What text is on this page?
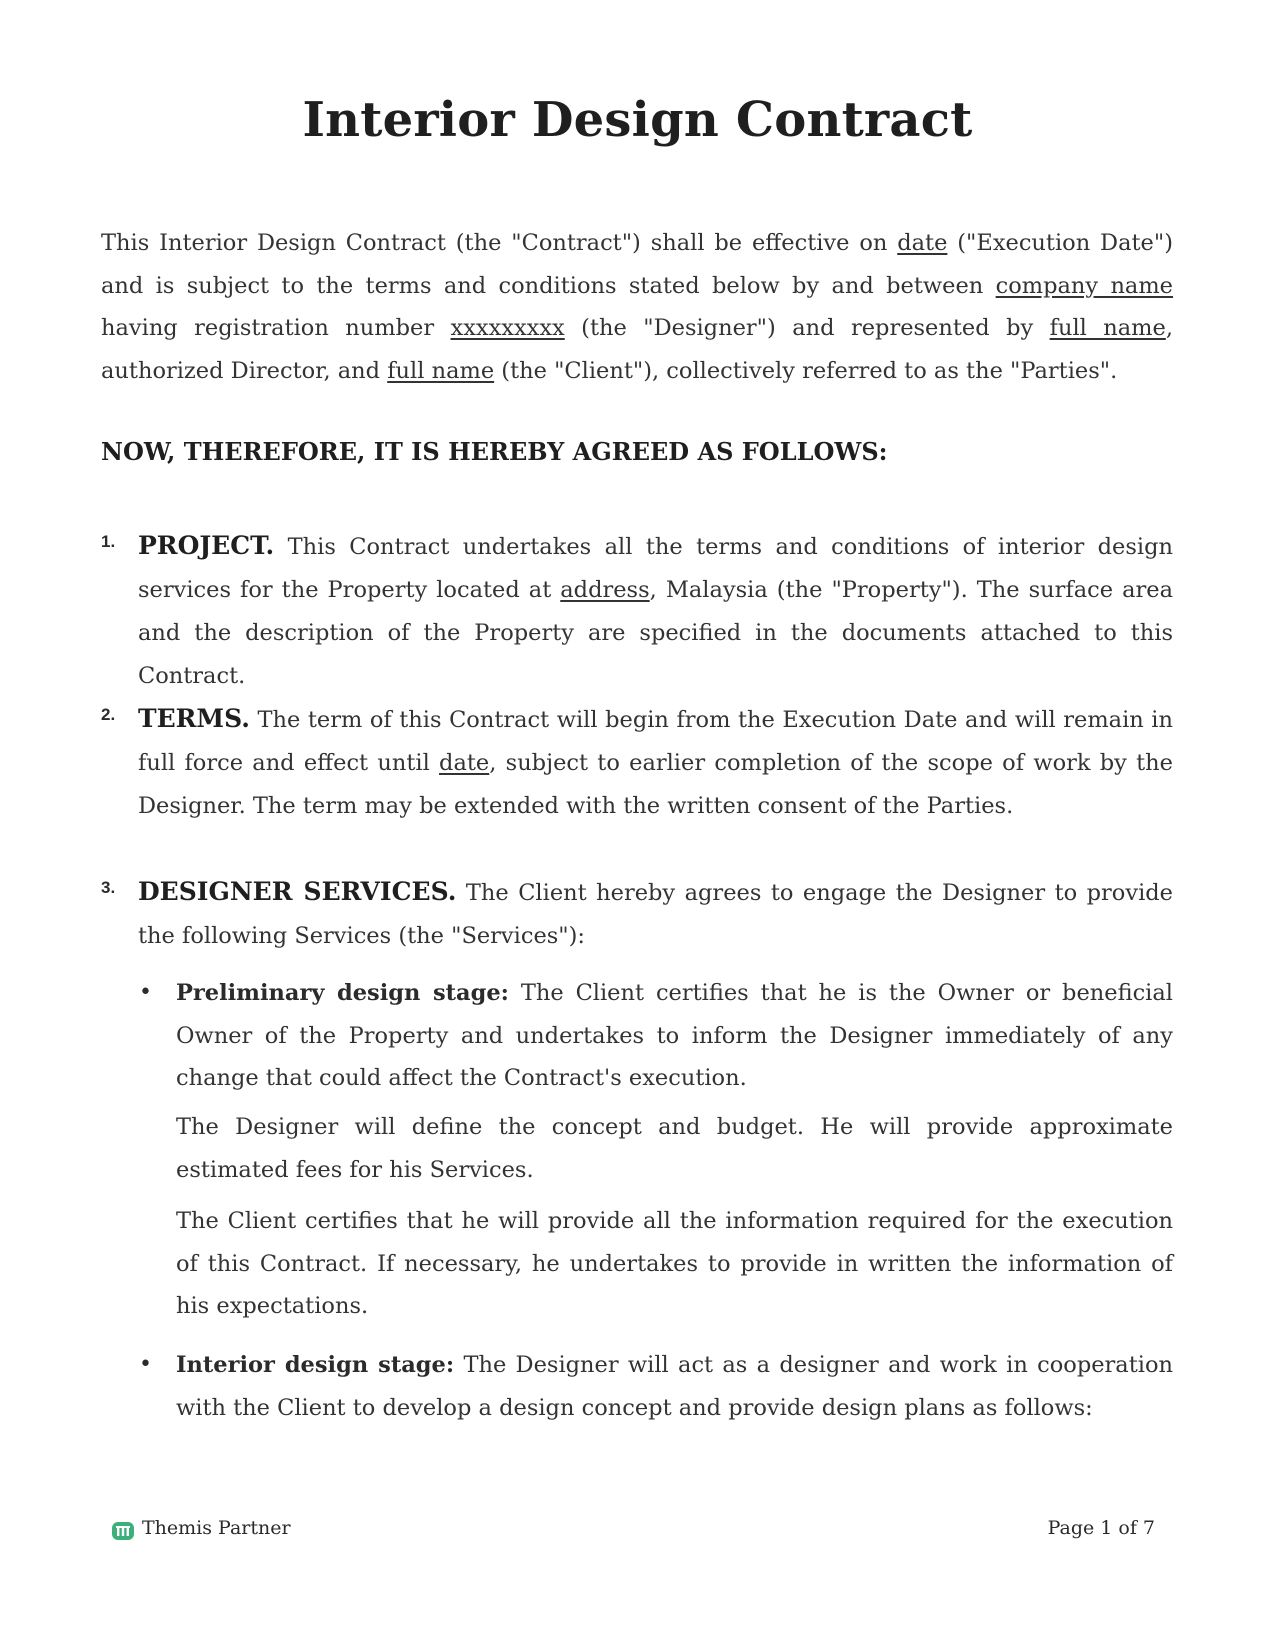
Interior Design Contract
This Interior Design Contract (the "Contract") shall be effective on date ("Execution Date") and is subject to the terms and conditions stated below by and between company name having registration number xxxxxxxxx (the "Designer") and represented by full name, authorized Director, and full name (the "Client"), collectively referred to as the "Parties".
NOW, THEREFORE, IT IS HEREBY AGREED AS FOLLOWS:
1. PROJECT. This Contract undertakes all the terms and conditions of interior design services for the Property located at address, Malaysia (the "Property"). The surface area and the description of the Property are specified in the documents attached to this Contract.
2. TERMS. The term of this Contract will begin from the Execution Date and will remain in full force and effect until date, subject to earlier completion of the scope of work by the Designer. The term may be extended with the written consent of the Parties.
3. DESIGNER SERVICES. The Client hereby agrees to engage the Designer to provide the following Services (the "Services"):
• Preliminary design stage: The Client certifies that he is the Owner or beneficial Owner of the Property and undertakes to inform the Designer immediately of any change that could affect the Contract's execution.
The Designer will define the concept and budget. He will provide approximate estimated fees for his Services.
The Client certifies that he will provide all the information required for the execution of this Contract. If necessary, he undertakes to provide in written the information of his expectations.
• Interior design stage: The Designer will act as a designer and work in cooperation with the Client to develop a design concept and provide design plans as follows:
Themis Partner	Page 1 of 7
